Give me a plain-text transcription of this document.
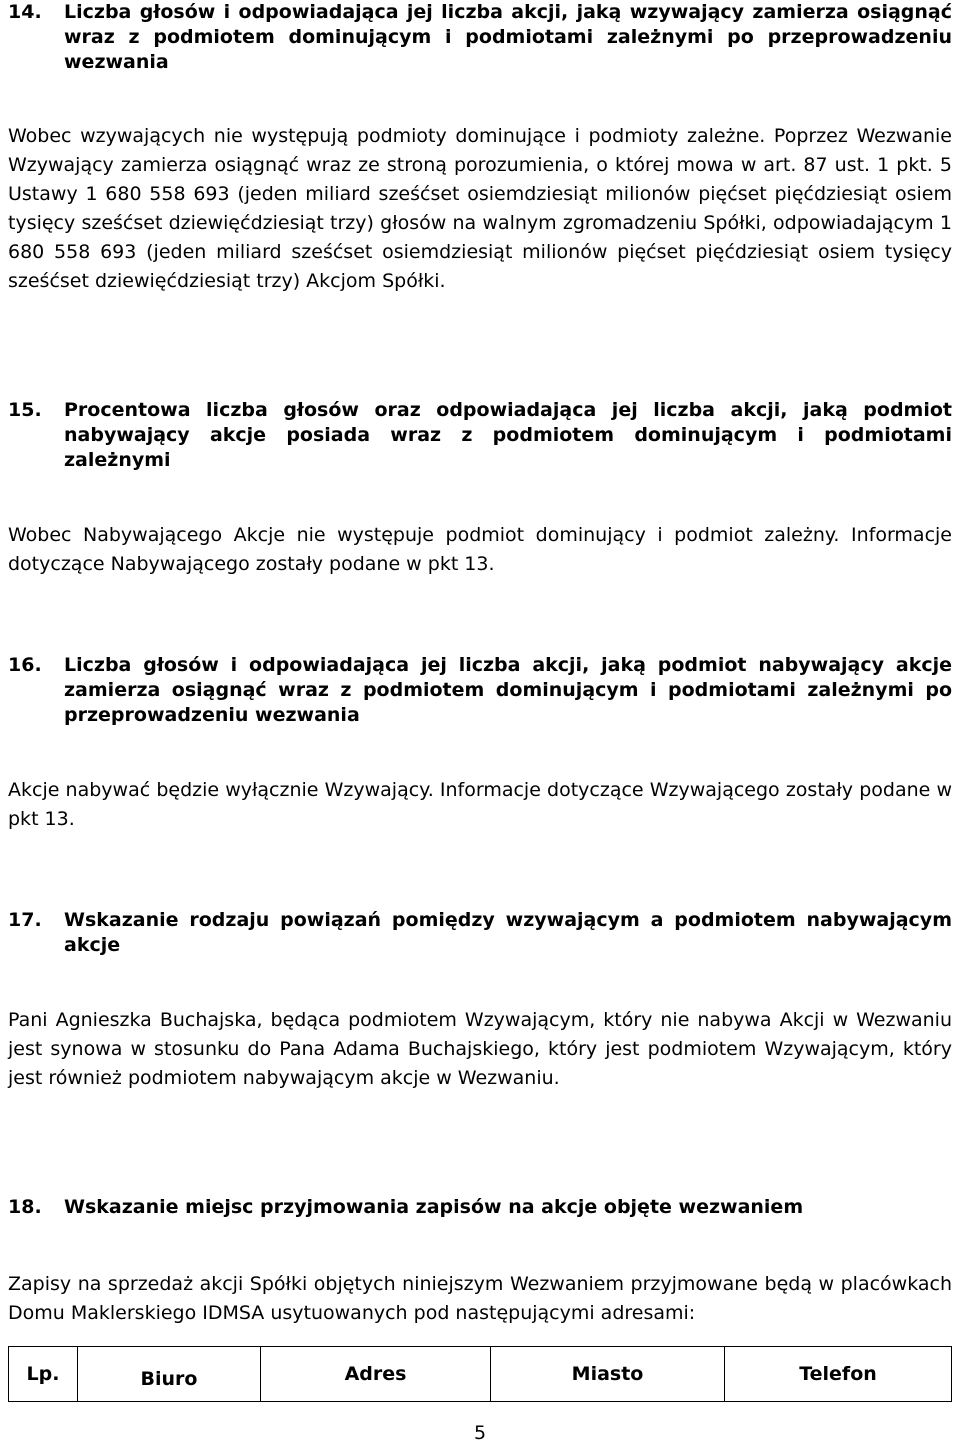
14.	Liczba głosów i odpowiadająca jej liczba akcji, jaką wzywający zamierza osiągnąć wraz z podmiotem dominującym i podmiotami zależnymi po przeprowadzeniu wezwania

Wobec wzywających nie występują podmioty dominujące i podmioty zależne. Poprzez Wezwanie Wzywający zamierza osiągnąć wraz ze stroną porozumienia, o której mowa w art. 87 ust. 1 pkt. 5 Ustawy 1 680 558 693 (jeden miliard sześćset osiemdziesiąt milionów pięćset pięćdziesiąt osiem tysięcy sześćset dziewięćdziesiąt trzy) głosów na walnym zgromadzeniu Spółki, odpowiadającym 1 680 558 693 (jeden miliard sześćset osiemdziesiąt milionów pięćset pięćdziesiąt osiem tysięcy sześćset dziewięćdziesiąt trzy) Akcjom Spółki.

15.	Procentowa liczba głosów oraz odpowiadająca jej liczba akcji, jaką podmiot nabywający akcje posiada wraz z podmiotem dominującym i podmiotami zależnymi

Wobec Nabywającego Akcje nie występuje podmiot dominujący i podmiot zależny. Informacje dotyczące Nabywającego zostały podane w pkt 13.

16.	Liczba głosów i odpowiadająca jej liczba akcji, jaką podmiot nabywający akcje zamierza osiągnąć wraz z podmiotem dominującym i podmiotami zależnymi po przeprowadzeniu wezwania

Akcje nabywać będzie wyłącznie Wzywający. Informacje dotyczące Wzywającego zostały podane w pkt 13.

17.	Wskazanie rodzaju powiązań pomiędzy wzywającym a podmiotem nabywającym akcje

Pani Agnieszka Buchajska, będąca podmiotem Wzywającym, który nie nabywa Akcji w Wezwaniu jest synowa w stosunku do Pana Adama Buchajskiego, który jest podmiotem Wzywającym, który jest również podmiotem nabywającym akcje w Wezwaniu.

18.	Wskazanie miejsc przyjmowania zapisów na akcje objęte wezwaniem

Zapisy na sprzedaż akcji Spółki objętych niniejszym Wezwaniem przyjmowane będą w placówkach Domu Maklerskiego IDMSA usytuowanych pod następującymi adresami:

Lp.	Biuro	Adres	Miasto	Telefon
5
